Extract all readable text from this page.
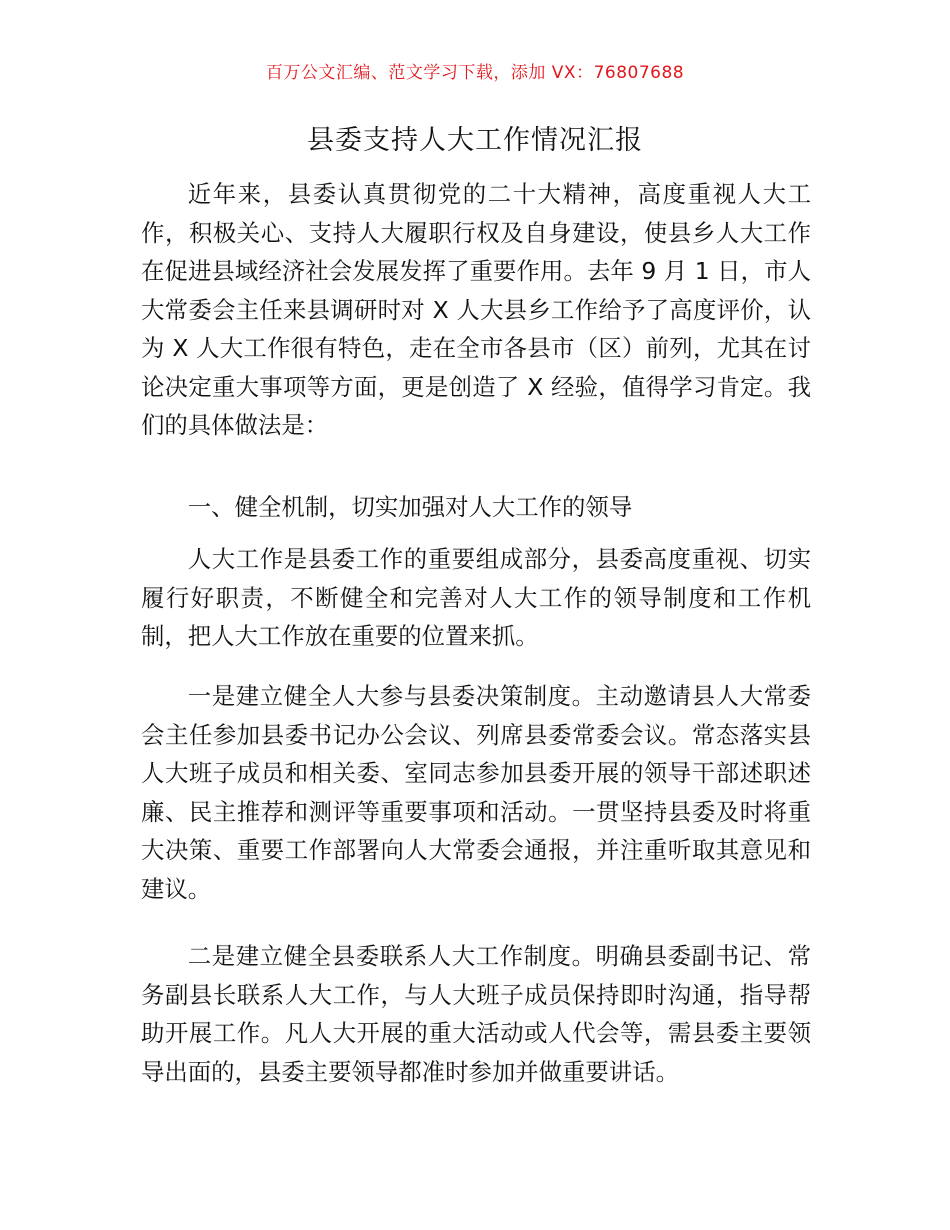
百万公文汇编、范文学习下载，添加 VX：76807688
县委支持人大工作情况汇报
近年来，县委认真贯彻党的二十大精神，高度重视人大工作，积极关心、支持人大履职行权及自身建设，使县乡人大工作在促进县域经济社会发展发挥了重要作用。去年 9 月 1 日，市人大常委会主任来县调研时对 X 人大县乡工作给予了高度评价，认为 X 人大工作很有特色，走在全市各县市（区）前列，尤其在讨论决定重大事项等方面，更是创造了 X 经验，值得学习肯定。我们的具体做法是：
一、健全机制，切实加强对人大工作的领导
人大工作是县委工作的重要组成部分，县委高度重视、切实履行好职责，不断健全和完善对人大工作的领导制度和工作机制，把人大工作放在重要的位置来抓。
一是建立健全人大参与县委决策制度。主动邀请县人大常委会主任参加县委书记办公会议、列席县委常委会议。常态落实县人大班子成员和相关委、室同志参加县委开展的领导干部述职述廉、民主推荐和测评等重要事项和活动。一贯坚持县委及时将重大决策、重要工作部署向人大常委会通报，并注重听取其意见和建议。
二是建立健全县委联系人大工作制度。明确县委副书记、常务副县长联系人大工作，与人大班子成员保持即时沟通，指导帮助开展工作。凡人大开展的重大活动或人代会等，需县委主要领导出面的，县委主要领导都准时参加并做重要讲话。
